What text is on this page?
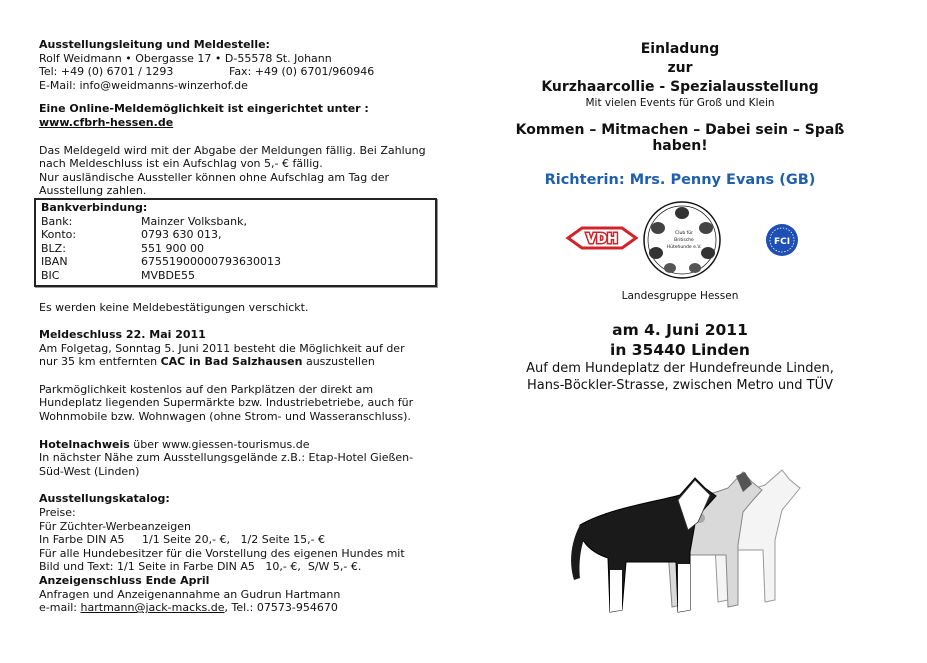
Ausstellungsleitung und Meldestelle:

Rolf Weidmann • Obergasse 17 • D-55578 St. Johann

Tel: +49 (0) 6701 / 1293	Fax: +49 (0) 6701/960946

E-Mail: info@weidmanns-winzerhof.de

Eine Online-Meldemöglichkeit ist eingerichtet unter :

www.cfbrh-hessen.de

Das Meldegeld wird mit der Abgabe der Meldungen fällig. Bei Zahlung

nach Meldeschluss ist ein Aufschlag von 5,- € fällig.

Nur ausländische Aussteller können ohne Aufschlag am Tag der

Ausstellung zahlen.

Bankverbindung:

Bank:	Mainzer Volksbank,

Konto:	0793 630 013,

BLZ:	551 900 00

IBAN	67551900000793630013

BIC	MVBDE55

Es werden keine Meldebestätigungen verschickt.

Meldeschluss 22. Mai 2011

Am Folgetag, Sonntag 5. Juni 2011 besteht die Möglichkeit auf der

nur 35 km entfernten CAC in Bad Salzhausen auszustellen

Parkmöglichkeit kostenlos auf den Parkplätzen der direkt am

Hundeplatz liegenden Supermärkte bzw. Industriebetriebe, auch für

Wohnmobile bzw. Wohnwagen (ohne Strom- und Wasseranschluss).

Hotelnachweis über www.giessen-tourismus.de

In nächster Nähe zum Ausstellungsgelände z.B.: Etap-Hotel Gießen-

Süd-West (Linden)

Ausstellungskatalog:

Preise:

Für Züchter-Werbeanzeigen

In Farbe DIN A5     1/1 Seite 20,- €,   1/2 Seite 15,- €

Für alle Hundebesitzer für die Vorstellung des eigenen Hundes mit

Bild und Text: 1/1 Seite in Farbe DIN A5   10,- €,  S/W 5,- €.

Anzeigenschluss Ende April

Anfragen und Anzeigenannahme an Gudrun Hartmann

e-mail: hartmann@jack-macks.de, Tel.: 07573-954670

Einladung

zur

Kurzhaarcollie - Spezialausstellung

Mit vielen Events für Groß und Klein

Kommen – Mitmachen – Dabei sein – Spaß haben!

Richterin: Mrs. Penny Evans (GB)

VDH	Club für
Britische
Hütehunde e.V.
FCI

Landesgruppe Hessen

am 4. Juni 2011

in 35440 Linden

Auf dem Hundeplatz der Hundefreunde Linden,

Hans-Böckler-Strasse, zwischen Metro und TÜV
